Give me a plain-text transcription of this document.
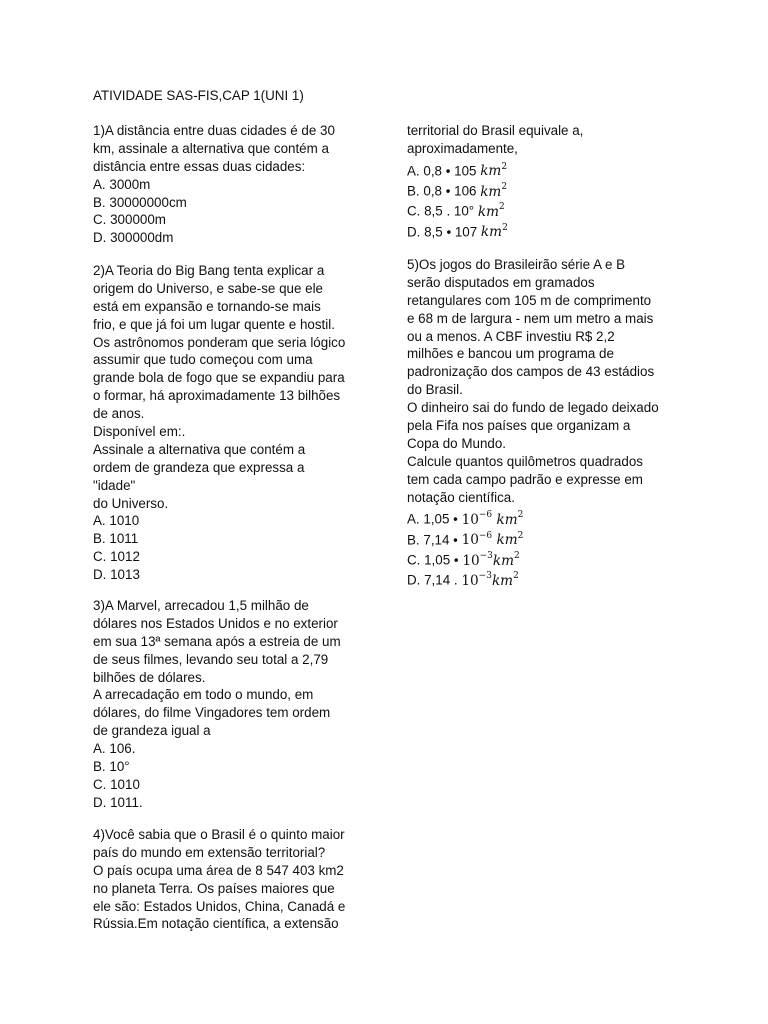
ATIVIDADE SAS-FIS,CAP 1(UNI 1)
1)A distância entre duas cidades é de 30
km, assinale a alternativa que contém a
distância entre essas duas cidades:
A. 3000m
B. 30000000cm
C. 300000m
D. 300000dm
2)A Teoria do Big Bang tenta explicar a
origem do Universo, e sabe-se que ele
está em expansão e tornando-se mais
frio, e que já foi um lugar quente e hostil.
Os astrônomos ponderam que seria lógico
assumir que tudo começou com uma
grande bola de fogo que se expandiu para
o formar, há aproximadamente 13 bilhões
de anos.
Disponível em:.
Assinale a alternativa que contém a
ordem de grandeza que expressa a
"idade"
do Universo.
A. 1010
B. 1011
C. 1012
D. 1013
3)A Marvel, arrecadou 1,5 milhão de
dólares nos Estados Unidos e no exterior
em sua 13ª semana após a estreia de um
de seus filmes, levando seu total a 2,79
bilhões de dólares.
A arrecadação em todo o mundo, em
dólares, do filme Vingadores tem ordem
de grandeza igual a
A. 106.
B. 10°
C. 1010
D. 1011.
4)Você sabia que o Brasil é o quinto maior
país do mundo em extensão territorial?
O país ocupa uma área de 8 547 403 km2
no planeta Terra. Os países maiores que
ele são: Estados Unidos, China, Canadá e
Rússia.Em notação científica, a extensão
territorial do Brasil equivale a,
aproximadamente,
A. 0,8 • 105 $km^2$
B. 0,8 • 106 $km^2$
C. 8,5 . 10° $km^2$
D. 8,5 • 107 $km^2$
5)Os jogos do Brasileirão série A e B
serão disputados em gramados
retangulares com 105 m de comprimento
e 68 m de largura - nem um metro a mais
ou a menos. A CBF investiu R$ 2,2
milhões e bancou um programa de
padronização dos campos de 43 estádios
do Brasil.
O dinheiro sai do fundo de legado deixado
pela Fifa nos países que organizam a
Copa do Mundo.
Calcule quantos quilômetros quadrados
tem cada campo padrão e expresse em
notação científica.
A. 1,05 • $10^{-6}$ $km^2$
B. 7,14 • $10^{-6}$ $km^2$
C. 1,05 • $10^{-3}km^2$
D. 7,14 . $10^{-3}km^2$
